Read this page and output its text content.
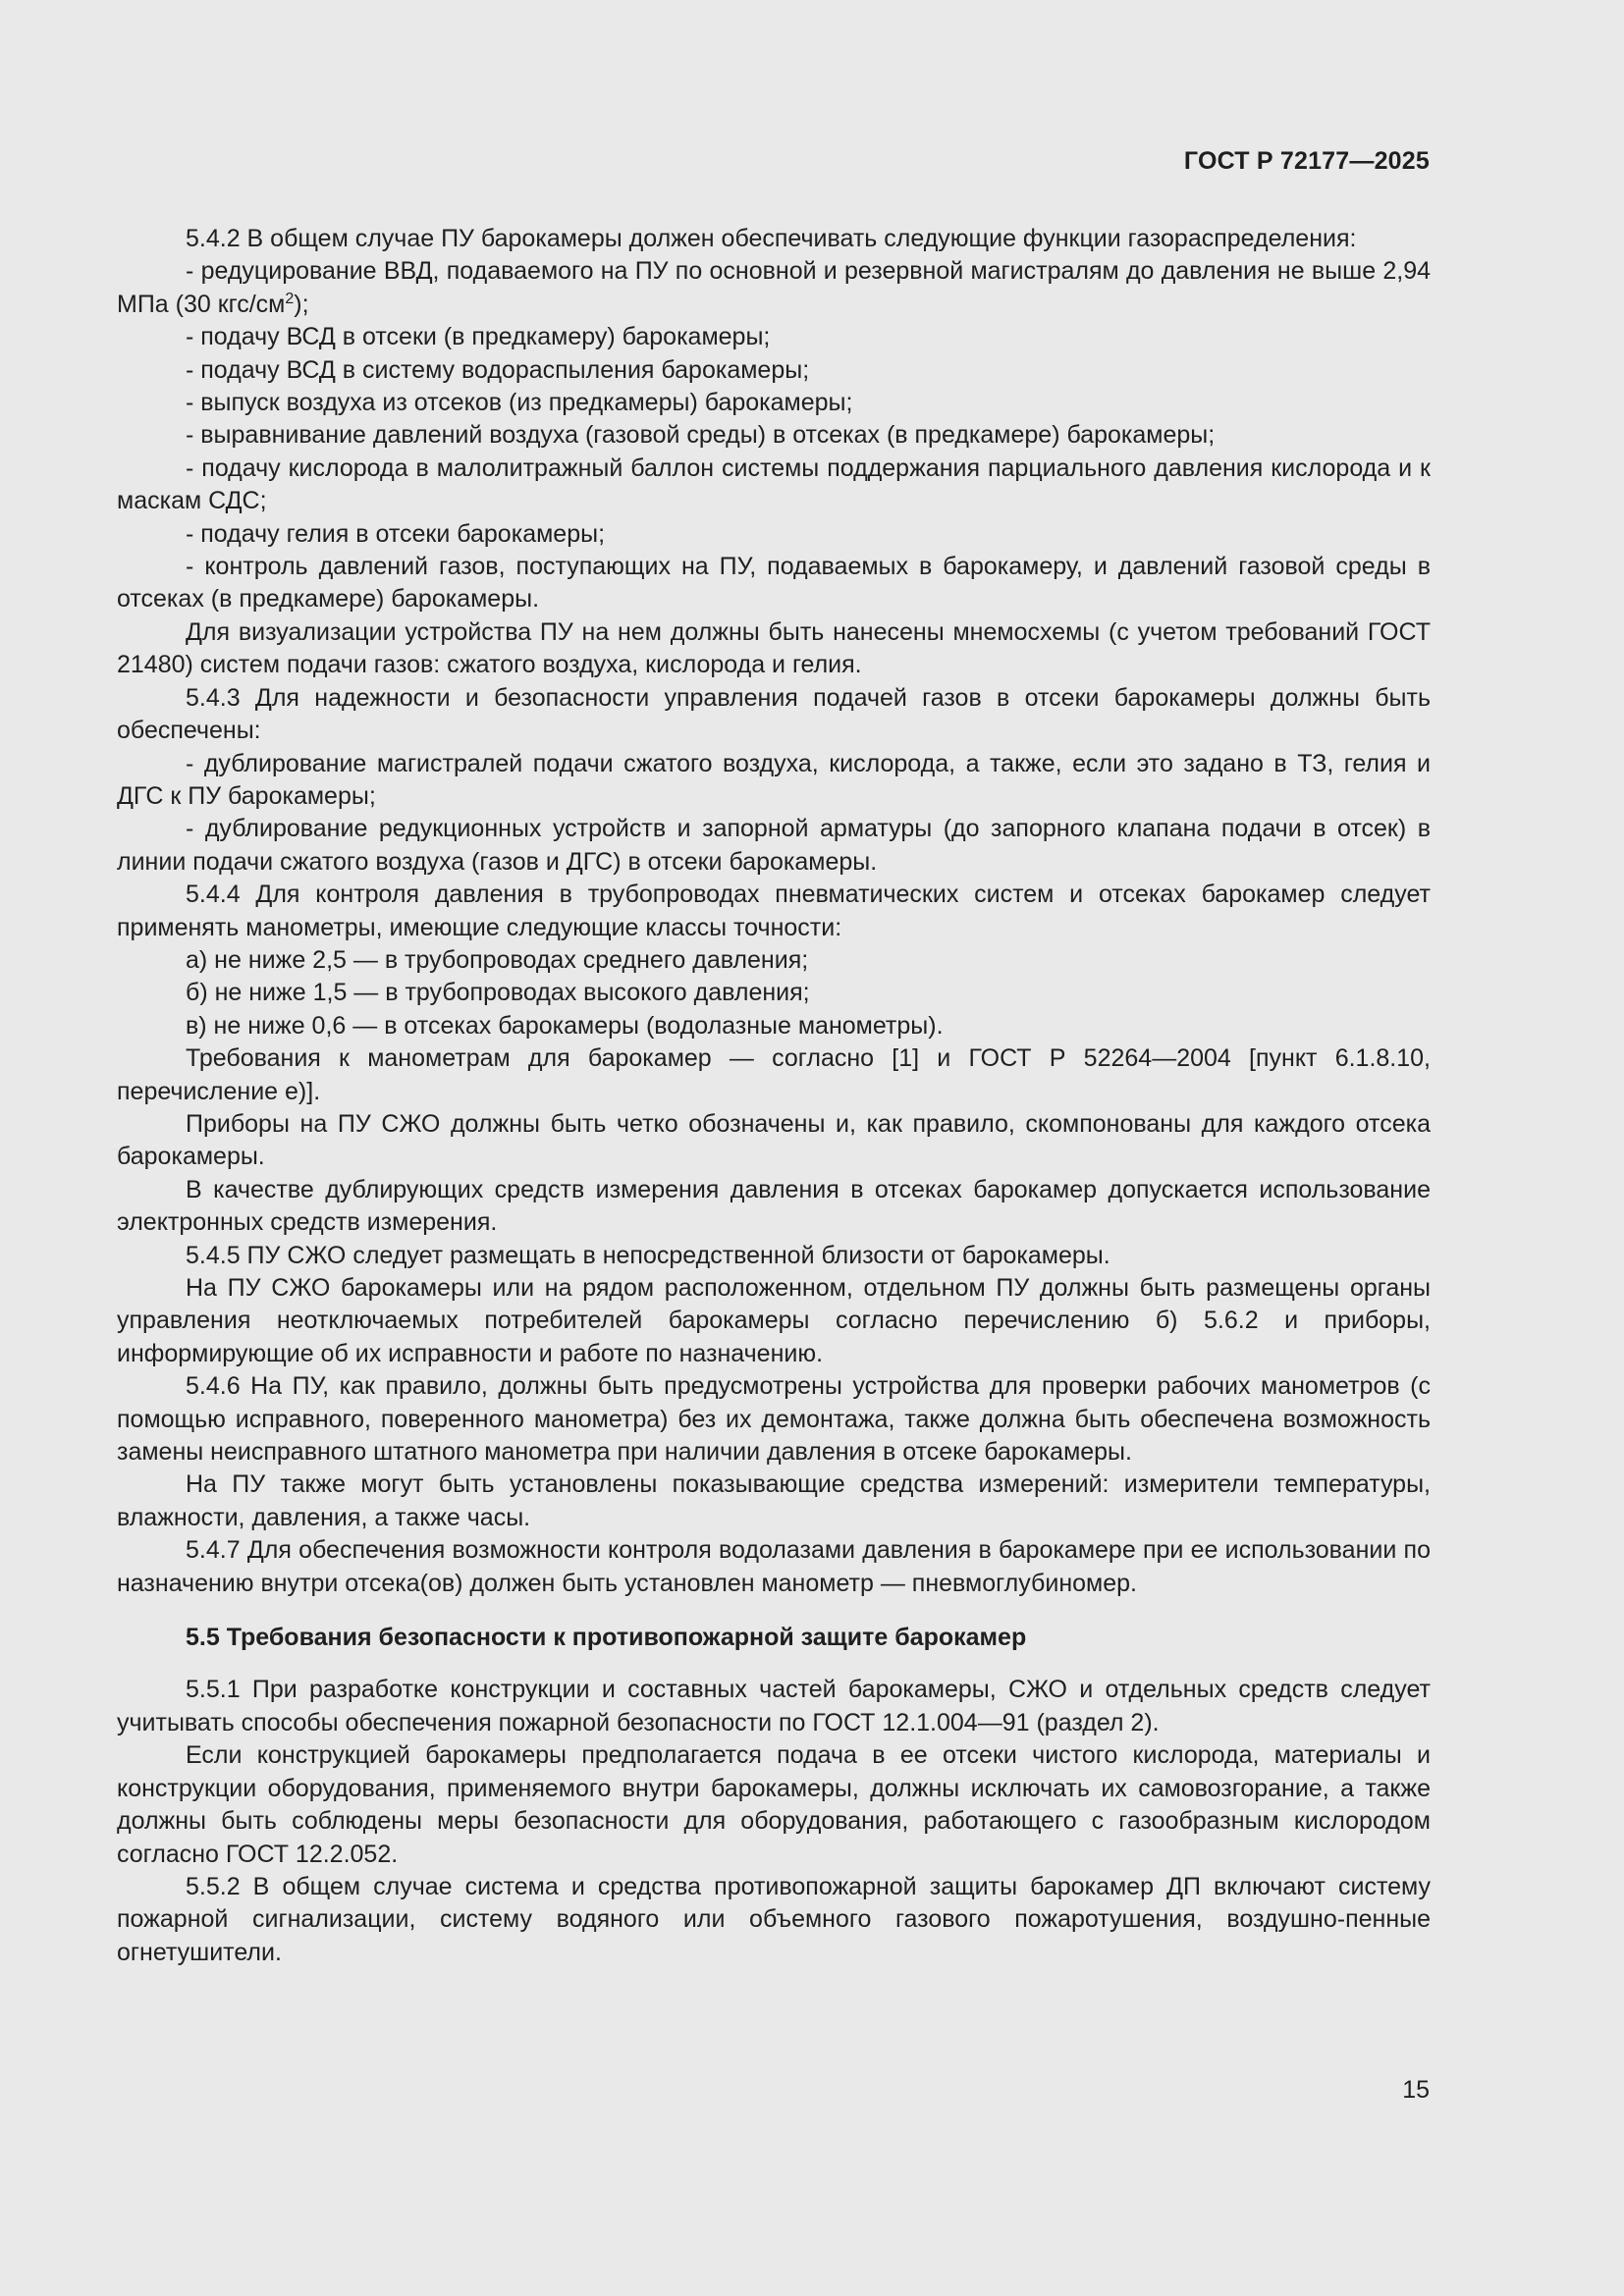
ГОСТ Р 72177—2025

5.4.2 В общем случае ПУ барокамеры должен обеспечивать следующие функции газораспределения:

- редуцирование ВВД, подаваемого на ПУ по основной и резервной магистралям до давления не выше 2,94 МПа (30 кгс/$см^2$);

- подачу ВСД в отсеки (в предкамеру) барокамеры;

- подачу ВСД в систему водораспыления барокамеры;

- выпуск воздуха из отсеков (из предкамеры) барокамеры;

- выравнивание давлений воздуха (газовой среды) в отсеках (в предкамере) барокамеры;

- подачу кислорода в малолитражный баллон системы поддержания парциального давления кислорода и к маскам СДС;

- подачу гелия в отсеки барокамеры;

- контроль давлений газов, поступающих на ПУ, подаваемых в барокамеру, и давлений газовой среды в отсеках (в предкамере) барокамеры.

Для визуализации устройства ПУ на нем должны быть нанесены мнемосхемы (с учетом требований ГОСТ 21480) систем подачи газов: сжатого воздуха, кислорода и гелия.

5.4.3 Для надежности и безопасности управления подачей газов в отсеки барокамеры должны быть обеспечены:

- дублирование магистралей подачи сжатого воздуха, кислорода, а также, если это задано в ТЗ, гелия и ДГС к ПУ барокамеры;

- дублирование редукционных устройств и запорной арматуры (до запорного клапана подачи в отсек) в линии подачи сжатого воздуха (газов и ДГС) в отсеки барокамеры.

5.4.4 Для контроля давления в трубопроводах пневматических систем и отсеках барокамер следует применять манометры, имеющие следующие классы точности:

а) не ниже 2,5 — в трубопроводах среднего давления;

б) не ниже 1,5 — в трубопроводах высокого давления;

в) не ниже 0,6 — в отсеках барокамеры (водолазные манометры).

Требования к манометрам для барокамер — согласно [1] и ГОСТ Р 52264—2004 [пункт 6.1.8.10, перечисление е)].

Приборы на ПУ СЖО должны быть четко обозначены и, как правило, скомпонованы для каждого отсека барокамеры.

В качестве дублирующих средств измерения давления в отсеках барокамер допускается использование электронных средств измерения.

5.4.5 ПУ СЖО следует размещать в непосредственной близости от барокамеры.

На ПУ СЖО барокамеры или на рядом расположенном, отдельном ПУ должны быть размещены органы управления неотключаемых потребителей барокамеры согласно перечислению б) 5.6.2 и приборы, информирующие об их исправности и работе по назначению.

5.4.6 На ПУ, как правило, должны быть предусмотрены устройства для проверки рабочих манометров (с помощью исправного, поверенного манометра) без их демонтажа, также должна быть обеспечена возможность замены неисправного штатного манометра при наличии давления в отсеке барокамеры.

На ПУ также могут быть установлены показывающие средства измерений: измерители температуры, влажности, давления, а также часы.

5.4.7 Для обеспечения возможности контроля водолазами давления в барокамере при ее использовании по назначению внутри отсека(ов) должен быть установлен манометр — пневмоглубиномер.

5.5 Требования безопасности к противопожарной защите барокамер

5.5.1 При разработке конструкции и составных частей барокамеры, СЖО и отдельных средств следует учитывать способы обеспечения пожарной безопасности по ГОСТ 12.1.004—91 (раздел 2).

Если конструкцией барокамеры предполагается подача в ее отсеки чистого кислорода, материалы и конструкции оборудования, применяемого внутри барокамеры, должны исключать их самовозгорание, а также должны быть соблюдены меры безопасности для оборудования, работающего с газообразным кислородом согласно ГОСТ 12.2.052.

5.5.2 В общем случае система и средства противопожарной защиты барокамер ДП включают систему пожарной сигнализации, систему водяного или объемного газового пожаротушения, воздушно-пенные огнетушители.

15
